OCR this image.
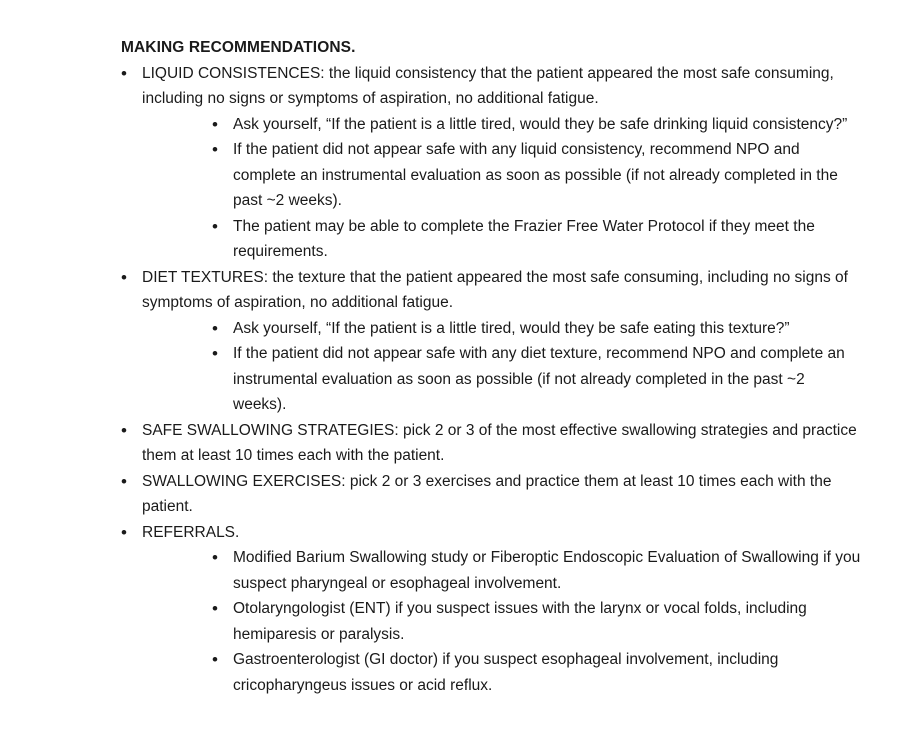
MAKING RECOMMENDATIONS.
• LIQUID CONSISTENCES: the liquid consistency that the patient appeared the most safe consuming, including no signs or symptoms of aspiration, no additional fatigue.
• Ask yourself, “If the patient is a little tired, would they be safe drinking liquid consistency?”
• If the patient did not appear safe with any liquid consistency, recommend NPO and complete an instrumental evaluation as soon as possible (if not already completed in the past ~2 weeks).
• The patient may be able to complete the Frazier Free Water Protocol if they meet the requirements.
• DIET TEXTURES: the texture that the patient appeared the most safe consuming, including no signs of symptoms of aspiration, no additional fatigue.
• Ask yourself, “If the patient is a little tired, would they be safe eating this texture?”
• If the patient did not appear safe with any diet texture, recommend NPO and complete an instrumental evaluation as soon as possible (if not already completed in the past ~2 weeks).
• SAFE SWALLOWING STRATEGIES: pick 2 or 3 of the most effective swallowing strategies and practice them at least 10 times each with the patient.
• SWALLOWING EXERCISES: pick 2 or 3 exercises and practice them at least 10 times each with the patient.
• REFERRALS.
• Modified Barium Swallowing study or Fiberoptic Endoscopic Evaluation of Swallowing if you suspect pharyngeal or esophageal involvement.
• Otolaryngologist (ENT) if you suspect issues with the larynx or vocal folds, including hemiparesis or paralysis.
• Gastroenterologist (GI doctor) if you suspect esophageal involvement, including cricopharyngeus issues or acid reflux.
